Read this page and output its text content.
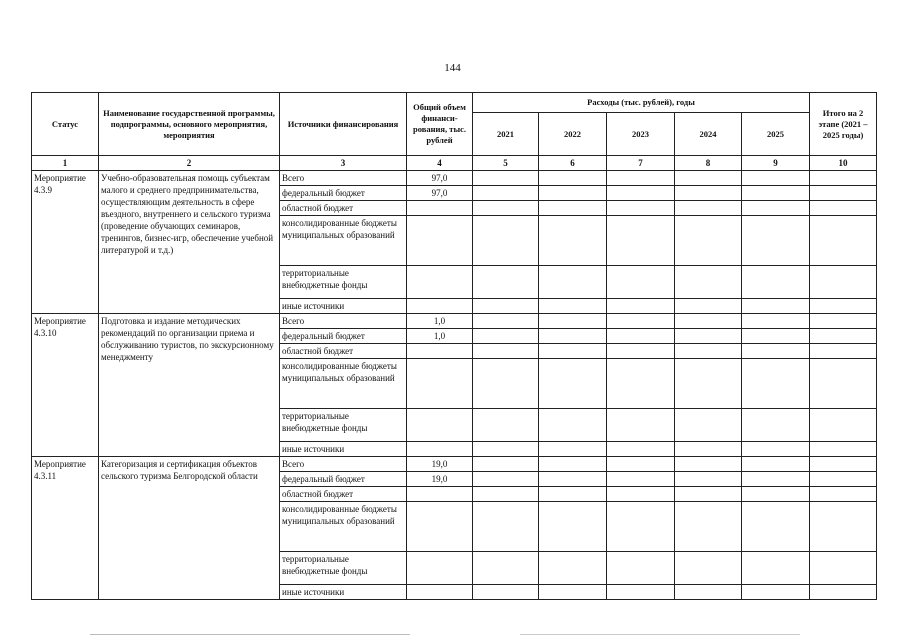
144
Статус	Наименование государственной программы, подпрограммы, основного мероприятия, мероприятия	Источники финансирования	Общий объем финанси-рования, тыс. рублей	Расходы (тыс. рублей), годы					Итого на 2 этапе (2021 – 2025 годы)
				2021	2022	2023	2024	2025	
1	2	3	4	5	6	7	8	9	10
Мероприятие 4.3.9	Учебно-образовательная помощь субъектам малого и среднего предпринимательства, осуществляющим деятельность в сфере въездного, внутреннего и сельского туризма (проведение обучающих семинаров, тренингов, бизнес-игр, обеспечение учебной литературой и т.д.)	Всего	97,0						
		федеральный бюджет	97,0						
		областной бюджет							
		консолидированные бюджеты муниципальных образований							
		территориальные внебюджетные фонды							
		иные источники							
Мероприятие 4.3.10	Подготовка и издание методических рекомендаций по организации приема и обслуживанию туристов, по экскурсионному менеджменту	Всего	1,0						
		федеральный бюджет	1,0						
		областной бюджет							
		консолидированные бюджеты муниципальных образований							
		территориальные внебюджетные фонды							
		иные источники							
Мероприятие 4.3.11	Категоризация и сертификация объектов сельского туризма Белгородской области	Всего	19,0						
		федеральный бюджет	19,0						
		областной бюджет							
		консолидированные бюджеты муниципальных образований							
		территориальные внебюджетные фонды							
		иные источники							
